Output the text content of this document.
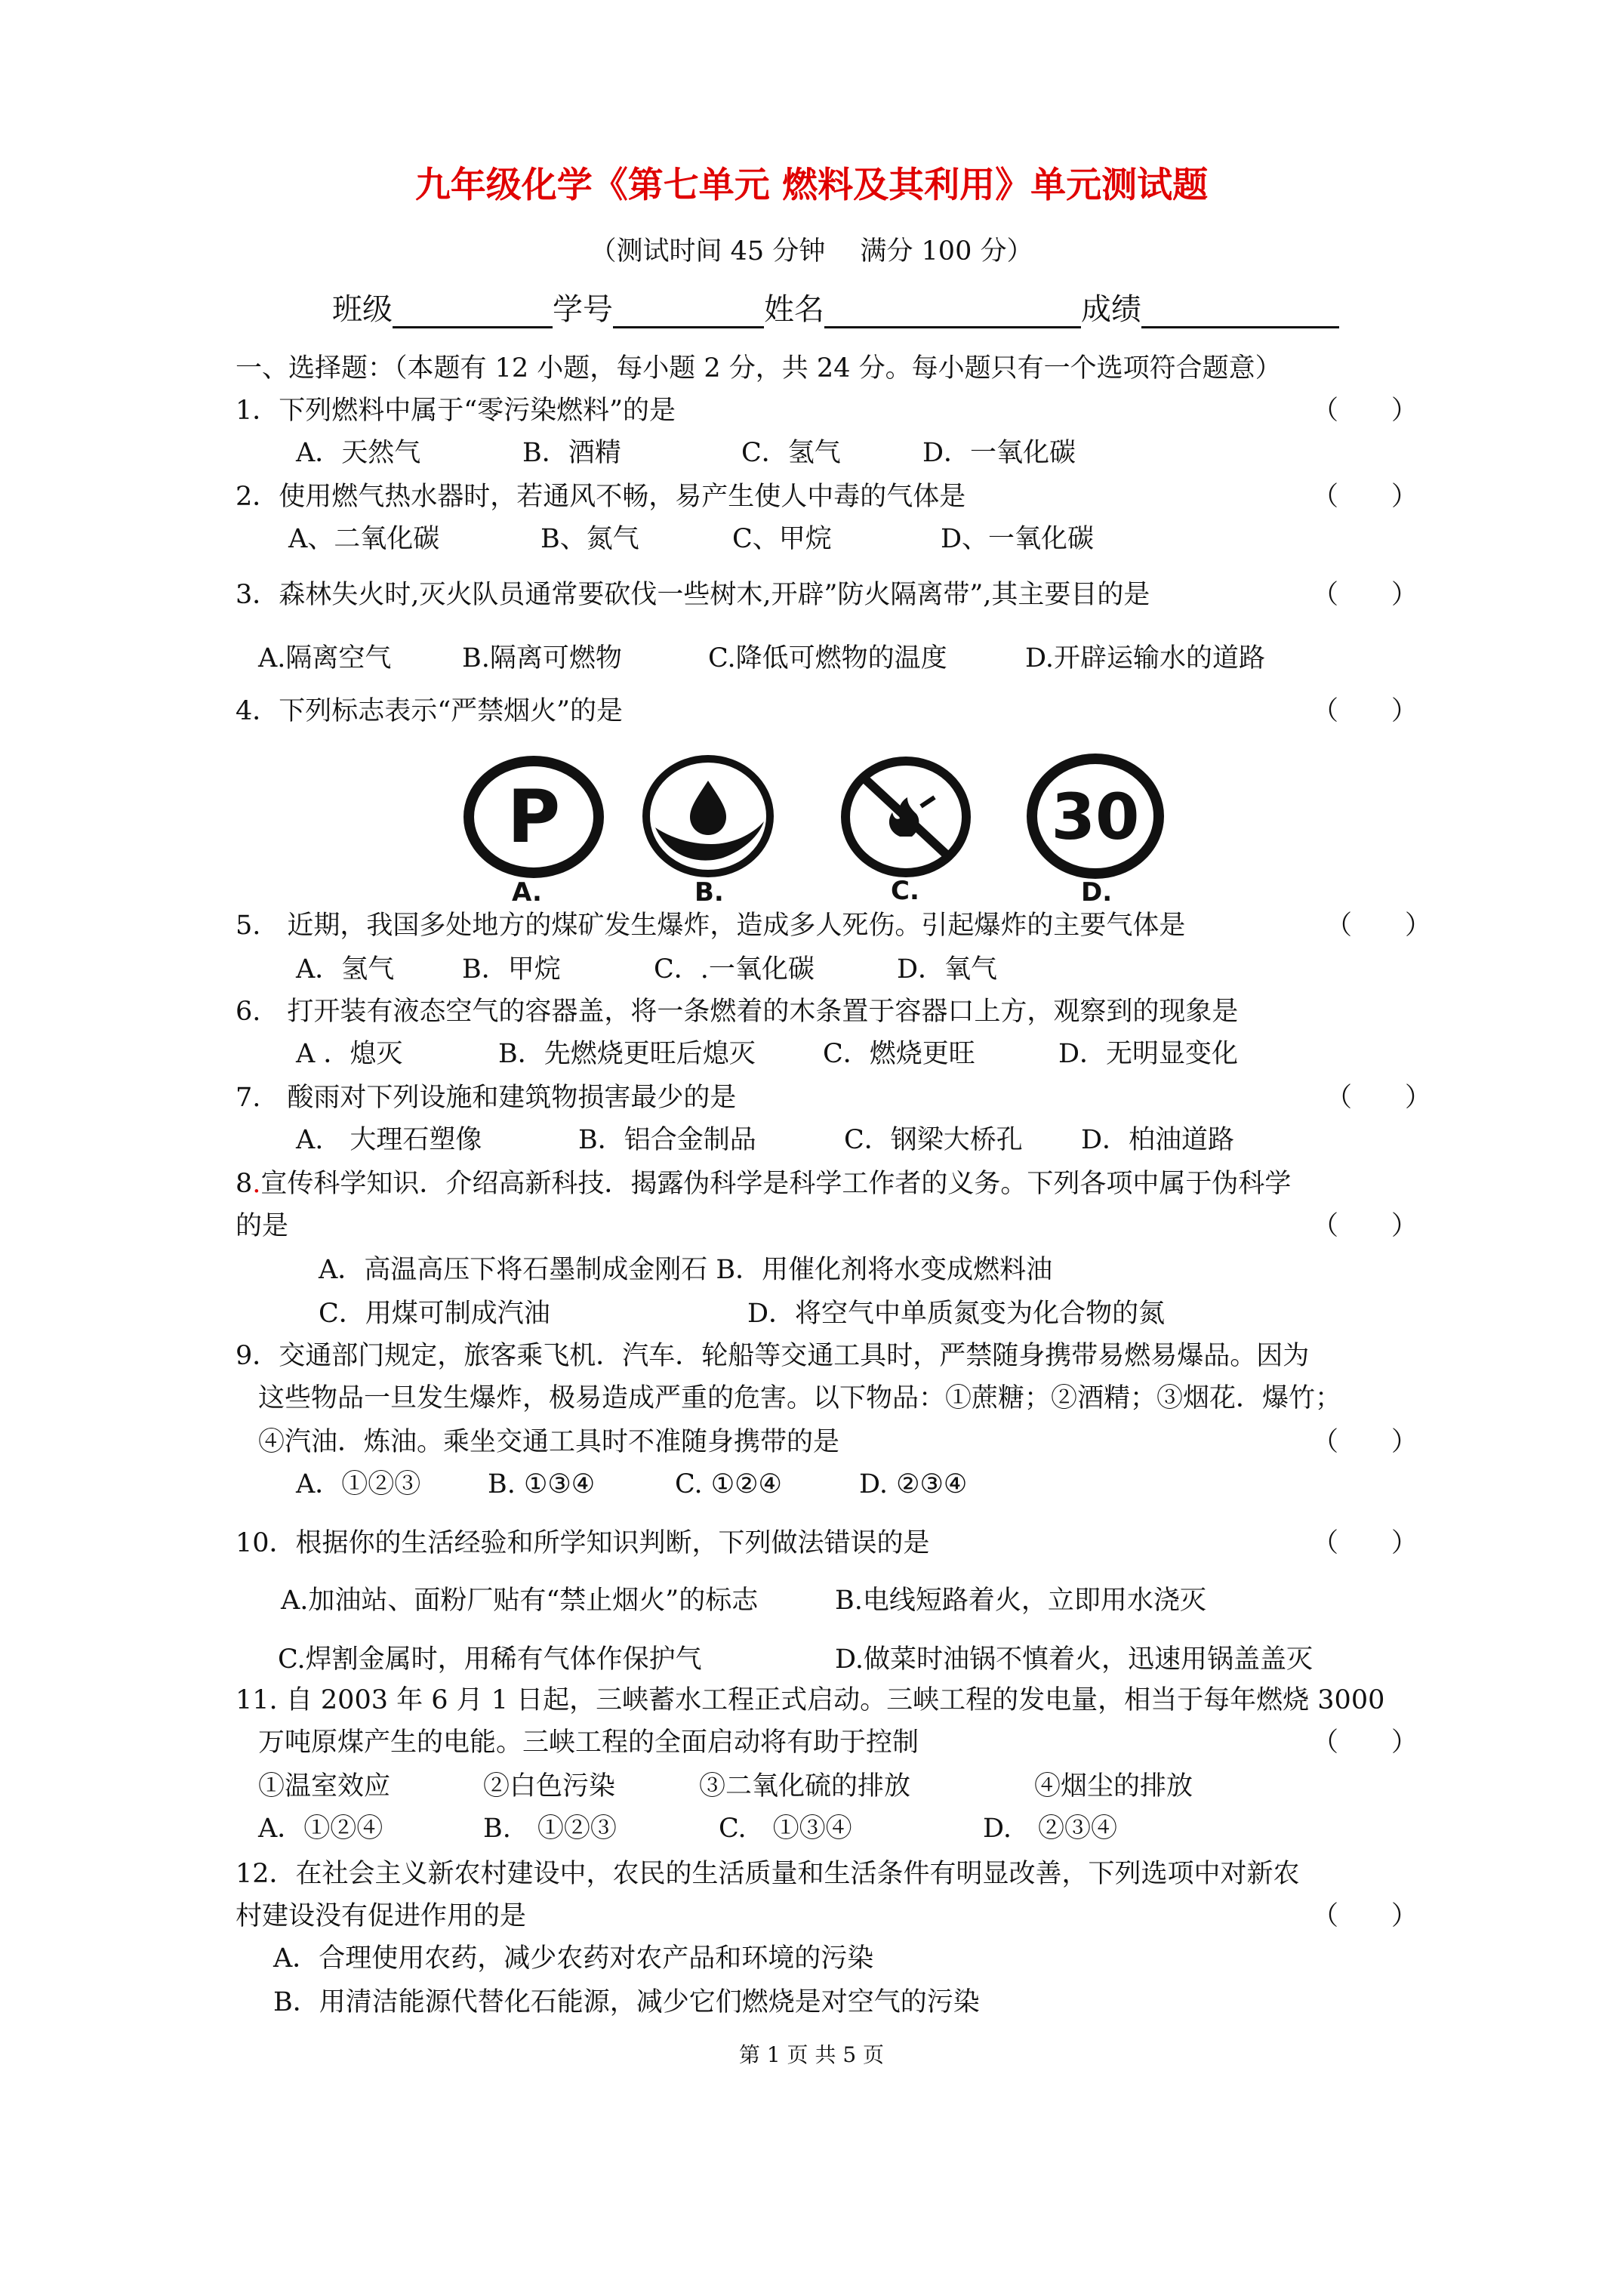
九年级化学《第七单元 燃料及其利用》单元测试题
（测试时间 45 分钟　 满分 100 分）
班级	学号	姓名	成绩
一、选择题：（本题有 12 小题，每小题 2 分，共 24 分。每小题只有一个选项符合题意）
1．下列燃料中属于“零污染燃料”的是	（　　）
A．天然气	B．酒精	C．氢气	D．一氧化碳
2．使用燃气热水器时，若通风不畅，易产生使人中毒的气体是	（　　）
A、二氧化碳	B、氮气	C、甲烷	D、一氧化碳
3．森林失火时,灭火队员通常要砍伐一些树木,开辟”防火隔离带”,其主要目的是	（　　）
A.隔离空气	B.隔离可燃物	C.降低可燃物的温度	D.开辟运输水的道路
4．下列标志表示“严禁烟火”的是	（　　）
P
A.	B.	C.
30
D.
5.　近期，我国多处地方的煤矿发生爆炸，造成多人死伤。引起爆炸的主要气体是	（　　）
A．氢气	B．甲烷	C．.一氧化碳	D．氧气
6.　打开装有液态空气的容器盖，将一条燃着的木条置于容器口上方，观察到的现象是
A ．熄灭	B．先燃烧更旺后熄灭	C．燃烧更旺	D．无明显变化
7.　酸雨对下列设施和建筑物损害最少的是	（　　）
A.　大理石塑像	B．铝合金制品	C．钢梁大桥孔 D．柏油道路
8.宣传科学知识．介绍高新科技．揭露伪科学是科学工作者的义务。下列各项中属于伪科学
的是	（　　）
A．高温高压下将石墨制成金刚石 B．用催化剂将水变成燃料油
C．用煤可制成汽油	D．将空气中单质氮变为化合物的氮
9．交通部门规定，旅客乘飞机．汽车．轮船等交通工具时，严禁随身携带易燃易爆品。因为
这些物品一旦发生爆炸，极易造成严重的危害。以下物品：①蔗糖；②酒精；③烟花．爆竹；
④汽油．炼油。乘坐交通工具时不准随身携带的是	（　　）
A．①②③	B. ①③④	C. ①②④	D. ②③④
10．根据你的生活经验和所学知识判断，下列做法错误的是	（　　）
A.加油站、面粉厂贴有“禁止烟火”的标志	B.电线短路着火，立即用水浇灭
C.焊割金属时，用稀有气体作保护气	D.做菜时油锅不慎着火，迅速用锅盖盖灭
11. 自 2003 年 6 月 1 日起，三峡蓄水工程正式启动。三峡工程的发电量，相当于每年燃烧 3000
万吨原煤产生的电能。三峡工程的全面启动将有助于控制	（　　）
①温室效应	②白色污染	③二氧化硫的排放	④烟尘的排放
A．①②④	B.　①②③	C.　①③④	D.　②③④
12．在社会主义新农村建设中，农民的生活质量和生活条件有明显改善，下列选项中对新农
村建设没有促进作用的是	（　　）
A．合理使用农药，减少农药对农产品和环境的污染
B．用清洁能源代替化石能源，减少它们燃烧是对空气的污染
第 1 页 共 5 页
